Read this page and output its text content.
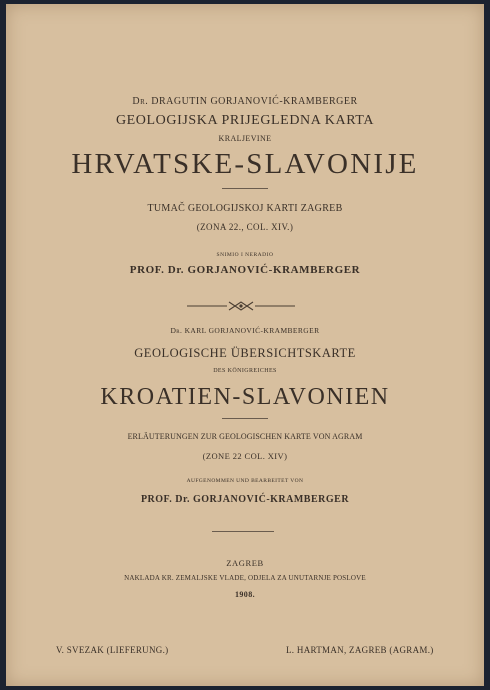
Dr. DRAGUTIN GORJANOVIĆ-KRAMBERGER
GEOLOGIJSKA PRIJEGLEDNA KARTA
KRALJEVINE
HRVATSKE-SLAVONIJE
TUMAČ GEOLOGIJSKOJ KARTI ZAGREB
(ZONA 22., COL. XIV.)
SNIMIO I NERADIO
PROF. Dr. GORJANOVIĆ-KRAMBERGER
Dr. KARL GORJANOVIĆ-KRAMBERGER
GEOLOGISCHE ÜBERSICHTSKARTE
DES KÖNIGREICHES
KROATIEN-SLAVONIEN
ERLÄUTERUNGEN ZUR GEOLOGISCHEN KARTE VON AGRAM
(ZONE 22 COL. XIV)
AUFGENOMMEN UND BEARBEITET VON
PROF. Dr. GORJANOVIĆ-KRAMBERGER
ZAGREB
NAKLADA KR. ZEMALJSKE VLADE, ODJELA ZA UNUTARNJE POSLOVE
1908.
V. SVEZAK (LIEFERUNG.)	L. HARTMAN, ZAGREB (AGRAM.)
